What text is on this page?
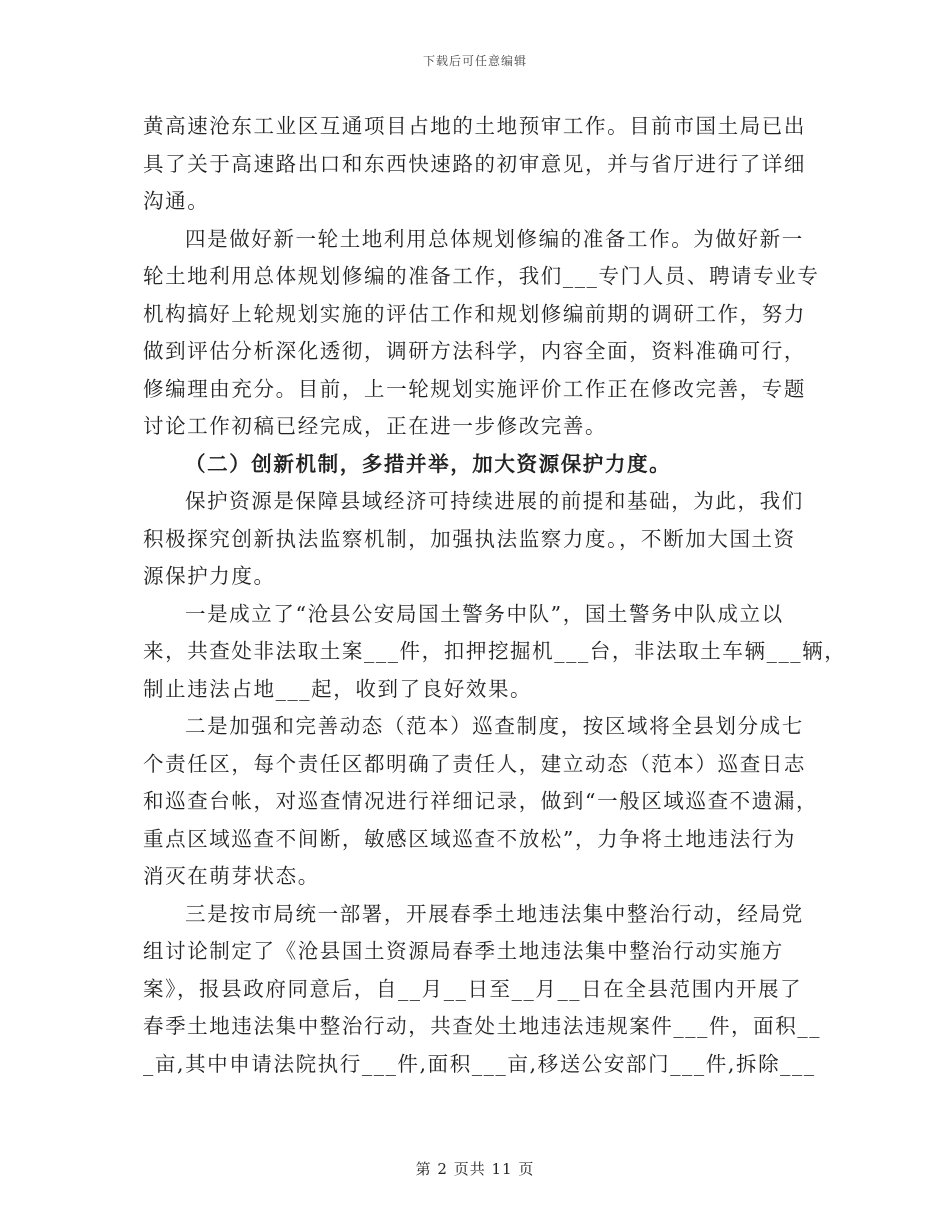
下载后可任意编辑

黄高速沧东工业区互通项目占地的土地预审工作。目前市国土局已出
具了关于高速路出口和东西快速路的初审意见，并与省厅进行了详细
沟通。

四是做好新一轮土地利用总体规划修编的准备工作。为做好新一
轮土地利用总体规划修编的准备工作，我们___专门人员、聘请专业专
机构搞好上轮规划实施的评估工作和规划修编前期的调研工作，努力
做到评估分析深化透彻，调研方法科学，内容全面，资料准确可行，
修编理由充分。目前，上一轮规划实施评价工作正在修改完善，专题
讨论工作初稿已经完成，正在进一步修改完善。

（二）创新机制，多措并举，加大资源保护力度。

保护资源是保障县域经济可持续进展的前提和基础，为此，我们
积极探究创新执法监察机制，加强执法监察力度。，不断加大国土资
源保护力度。

一是成立了“沧县公安局国土警务中队”，国土警务中队成立以
来，共查处非法取土案___件，扣押挖掘机___台，非法取土车辆___辆，
制止违法占地___起，收到了良好效果。

二是加强和完善动态（范本）巡查制度，按区域将全县划分成七
个责任区，每个责任区都明确了责任人，建立动态（范本）巡查日志
和巡查台帐，对巡查情况进行祥细记录，做到“一般区域巡查不遗漏，
重点区域巡查不间断，敏感区域巡查不放松”，力争将土地违法行为
消灭在萌芽状态。

三是按市局统一部署，开展春季土地违法集中整治行动，经局党
组讨论制定了《沧县国土资源局春季土地违法集中整治行动实施方
案》，报县政府同意后，自__月__日至__月__日在全县范围内开展了
春季土地违法集中整治行动，共查处土地违法违规案件___件，面积__
_亩,其中申请法院执行___件,面积___亩,移送公安部门___件,拆除___

第 2 页共 11 页
